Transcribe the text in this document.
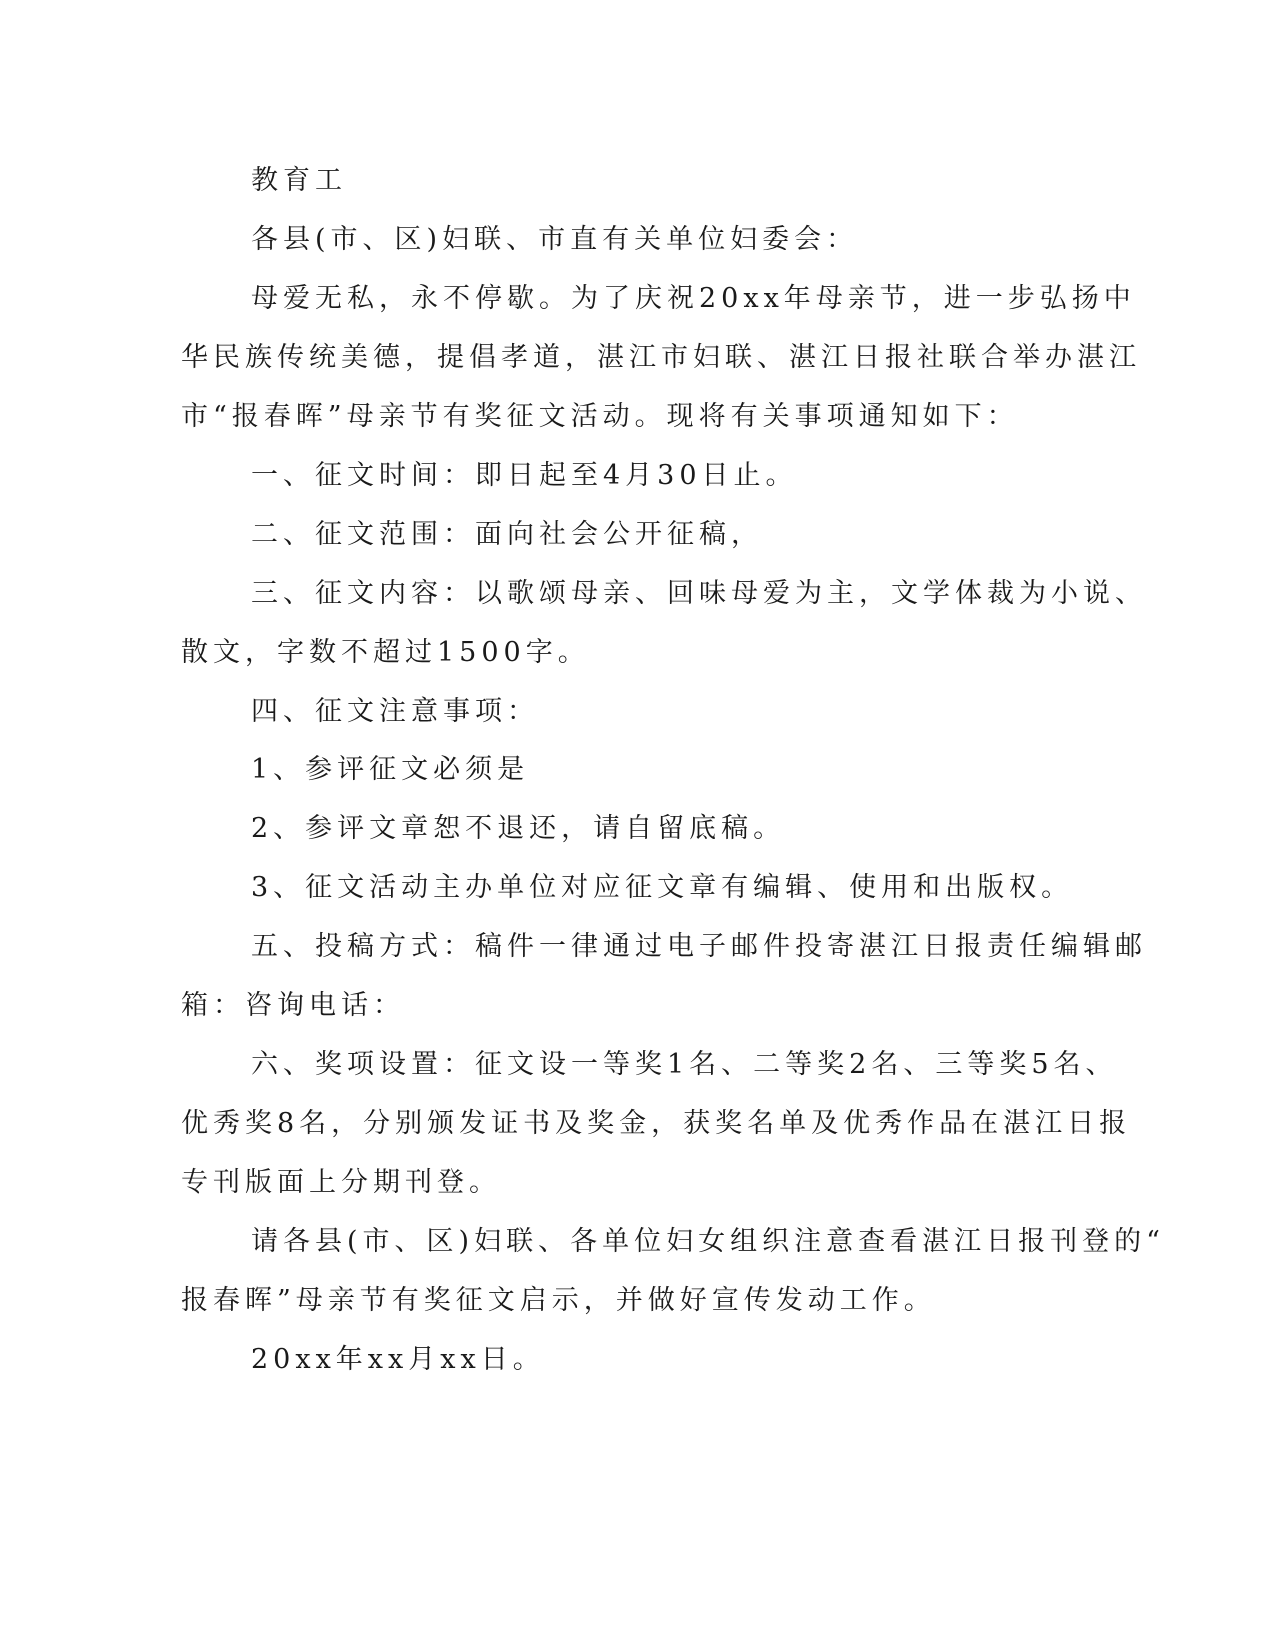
教育工

各县(市、区)妇联、市直有关单位妇委会：

母爱无私，永不停歇。为了庆祝20xx年母亲节，进一步弘扬中

华民族传统美德，提倡孝道，湛江市妇联、湛江日报社联合举办湛江

市“报春晖”母亲节有奖征文活动。现将有关事项通知如下：

一、征文时间：即日起至4月30日止。

二、征文范围：面向社会公开征稿，

三、征文内容：以歌颂母亲、回味母爱为主，文学体裁为小说、

散文，字数不超过1500字。

四、征文注意事项：

1、参评征文必须是

2、参评文章恕不退还，请自留底稿。

3、征文活动主办单位对应征文章有编辑、使用和出版权。

五、投稿方式：稿件一律通过电子邮件投寄湛江日报责任编辑邮

箱：咨询电话：

六、奖项设置：征文设一等奖1名、二等奖2名、三等奖5名、

优秀奖8名，分别颁发证书及奖金，获奖名单及优秀作品在湛江日报

专刊版面上分期刊登。

请各县(市、区)妇联、各单位妇女组织注意查看湛江日报刊登的“

报春晖”母亲节有奖征文启示，并做好宣传发动工作。

20xx年xx月xx日。
